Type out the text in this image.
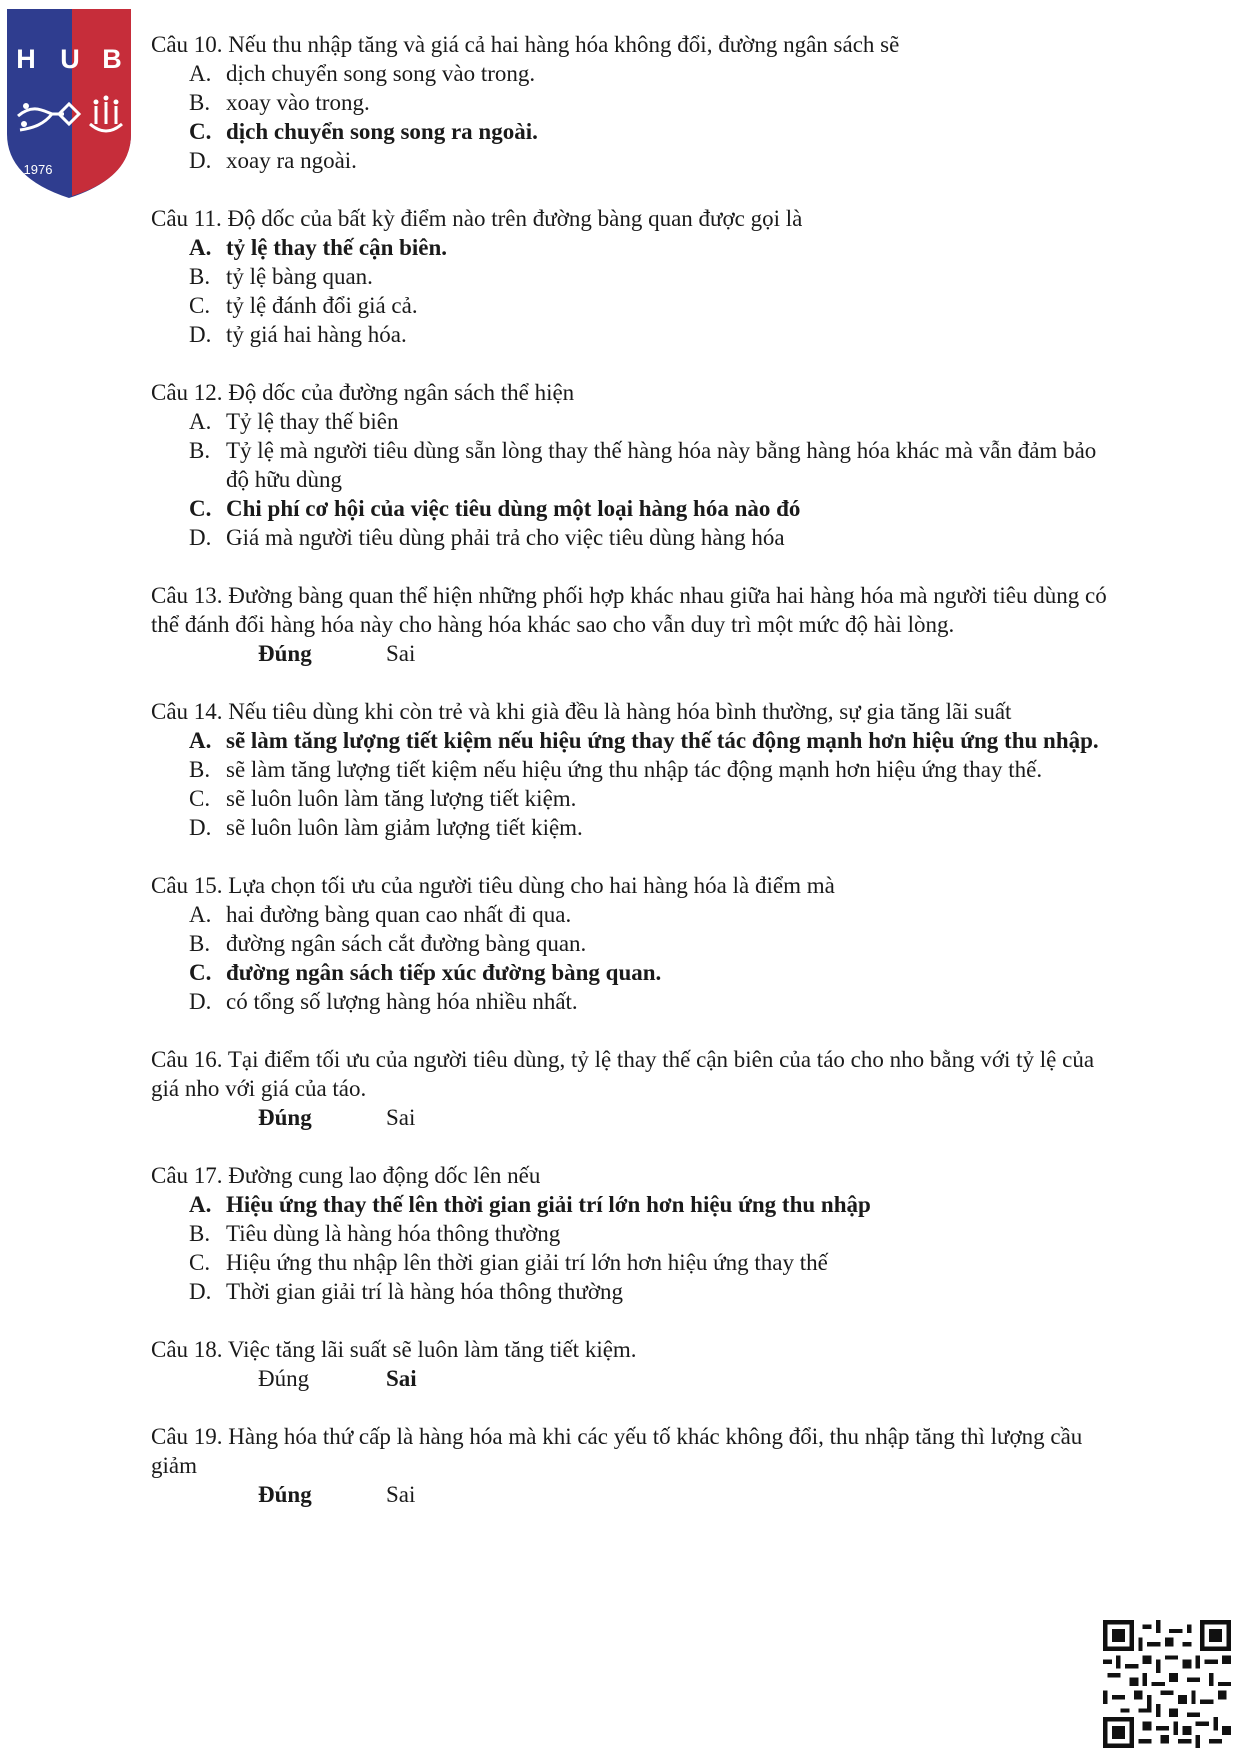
H U B
1976
Câu 10. Nếu thu nhập tăng và giá cả hai hàng hóa không đổi, đường ngân sách sẽ
A. dịch chuyển song song vào trong.
B. xoay vào trong.
C. dịch chuyển song song ra ngoài.
D. xoay ra ngoài.
Câu 11. Độ dốc của bất kỳ điểm nào trên đường bàng quan được gọi là
A. tỷ lệ thay thế cận biên.
B. tỷ lệ bàng quan.
C. tỷ lệ đánh đổi giá cả.
D. tỷ giá hai hàng hóa.
Câu 12. Độ dốc của đường ngân sách thể hiện
A. Tỷ lệ thay thế biên
B. Tỷ lệ mà người tiêu dùng sẵn lòng thay thế hàng hóa này bằng hàng hóa khác mà vẫn đảm bảo độ hữu dùng
C. Chi phí cơ hội của việc tiêu dùng một loại hàng hóa nào đó
D. Giá mà người tiêu dùng phải trả cho việc tiêu dùng hàng hóa
Câu 13. Đường bàng quan thể hiện những phối hợp khác nhau giữa hai hàng hóa mà người tiêu dùng có thể đánh đổi hàng hóa này cho hàng hóa khác sao cho vẫn duy trì một mức độ hài lòng.
Đúng	Sai
Câu 14. Nếu tiêu dùng khi còn trẻ và khi già đều là hàng hóa bình thường, sự gia tăng lãi suất
A. sẽ làm tăng lượng tiết kiệm nếu hiệu ứng thay thế tác động mạnh hơn hiệu ứng thu nhập.
B. sẽ làm tăng lượng tiết kiệm nếu hiệu ứng thu nhập tác động mạnh hơn hiệu ứng thay thế.
C. sẽ luôn luôn làm tăng lượng tiết kiệm.
D. sẽ luôn luôn làm giảm lượng tiết kiệm.
Câu 15. Lựa chọn tối ưu của người tiêu dùng cho hai hàng hóa là điểm mà
A. hai đường bàng quan cao nhất đi qua.
B. đường ngân sách cắt đường bàng quan.
C. đường ngân sách tiếp xúc đường bàng quan.
D. có tổng số lượng hàng hóa nhiều nhất.
Câu 16. Tại điểm tối ưu của người tiêu dùng, tỷ lệ thay thế cận biên của táo cho nho bằng với tỷ lệ của giá nho với giá của táo.
Đúng	Sai
Câu 17. Đường cung lao động dốc lên nếu
A. Hiệu ứng thay thế lên thời gian giải trí lớn hơn hiệu ứng thu nhập
B. Tiêu dùng là hàng hóa thông thường
C. Hiệu ứng thu nhập lên thời gian giải trí lớn hơn hiệu ứng thay thế
D. Thời gian giải trí là hàng hóa thông thường
Câu 18. Việc tăng lãi suất sẽ luôn làm tăng tiết kiệm.
Đúng	Sai
Câu 19. Hàng hóa thứ cấp là hàng hóa mà khi các yếu tố khác không đổi, thu nhập tăng thì lượng cầu giảm
Đúng	Sai
